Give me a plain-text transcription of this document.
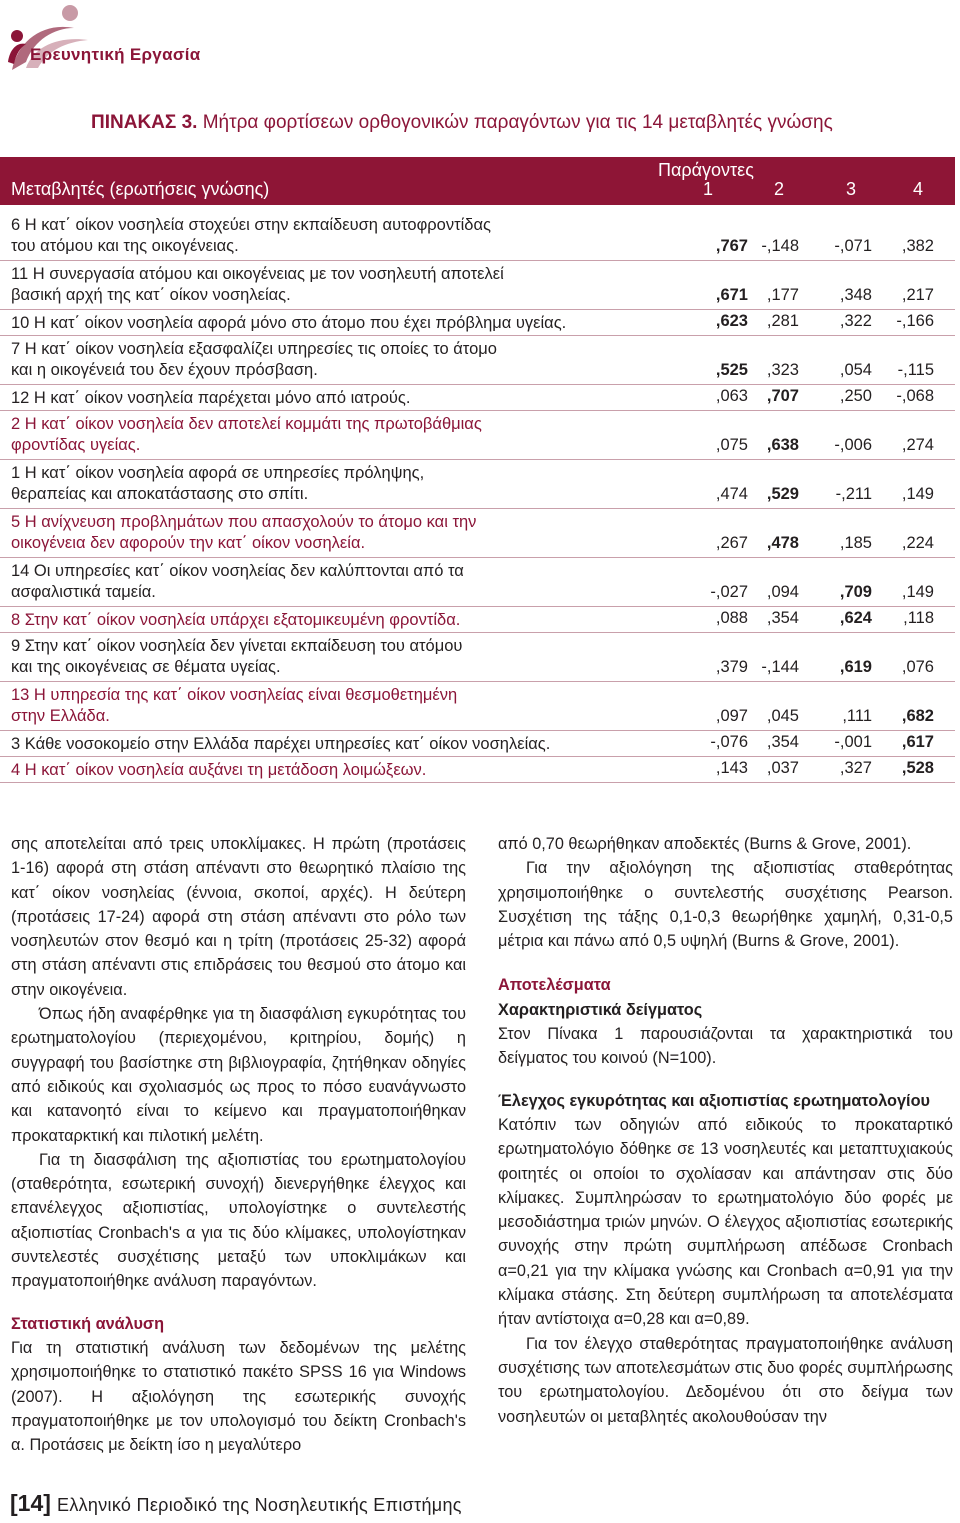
Ερευνητική Εργασία
ΠΙΝΑΚΑΣ 3. Μήτρα φορτίσεων ορθογονικών παραγόντων για τις 14 μεταβλητές γνώσης
Παράγοντες
Μεταβλητές (ερωτήσεις γνώσης)	1	2	3	4
6 Η κατ΄ οίκον νοσηλεία στοχεύει στην εκπαίδευση αυτοφροντίδας
του ατόμου και της οικογένειας.	,767 -,148	-,071	,382
11 Η συνεργασία ατόμου και οικογένειας με τον νοσηλευτή αποτελεί
βασική αρχή της κατ΄ οίκον νοσηλείας.	,671	,177	,348	,217
10 Η κατ΄ οίκον νοσηλεία αφορά μόνο στο άτομο που έχει πρόβλημα υγείας.	,623	,281	,322	-,166
7 Η κατ΄ οίκον νοσηλεία εξασφαλίζει υπηρεσίες τις οποίες το άτομο
και η οικογένειά του δεν έχουν πρόσβαση.	,525	,323	,054	-,115
12 Η κατ΄ οίκον νοσηλεία παρέχεται μόνο από ιατρούς.	,063	,707	,250	-,068
2 Η κατ΄ οίκον νοσηλεία δεν αποτελεί κομμάτι της πρωτοβάθμιας
φροντίδας υγείας.	,075	,638	-,006	,274
1 Η κατ΄ οίκον νοσηλεία αφορά σε υπηρεσίες πρόληψης,
θεραπείας και αποκατάστασης στο σπίτι.	,474	,529	-,211	,149
5 Η ανίχνευση προβλημάτων που απασχολούν το άτομο και την
οικογένεια δεν αφορούν την κατ΄ οίκον νοσηλεία.	,267	,478	,185	,224
14 Οι υπηρεσίες κατ΄ οίκον νοσηλείας δεν καλύπτονται από τα
ασφαλιστικά ταμεία.	-,027	,094	,709	,149
8 Στην κατ΄ οίκον νοσηλεία υπάρχει εξατομικευμένη φροντίδα.	,088	,354	,624	,118
9 Στην κατ΄ οίκον νοσηλεία δεν γίνεται εκπαίδευση του ατόμου
και της οικογένειας σε θέματα υγείας.	,379 -,144	,619	,076
13 Η υπηρεσία της κατ΄ οίκον νοσηλείας είναι θεσμοθετημένη
στην Ελλάδα.	,097	,045	,111	,682
3 Κάθε νοσοκομείο στην Ελλάδα παρέχει υπηρεσίες κατ΄ οίκον νοσηλείας.	-,076	,354	-,001	,617
4 Η κατ΄ οίκον νοσηλεία αυξάνει τη μετάδοση λοιμώξεων.	,143	,037	,327	,528

σης αποτελείται από τρεις υποκλίμακες. Η πρώτη (προτάσεις 1-16) αφορά στη στάση απέναντι στο θεωρητικό πλαίσιο της κατ΄ οίκον νοσηλείας (έννοια, σκοποί, αρχές). Η δεύτερη (προτάσεις 17-24) αφορά στη στάση απέναντι στο ρόλο των νοσηλευτών στον θεσμό και η τρίτη (προτάσεις 25-32) αφορά στη στάση απέναντι στις επιδράσεις του θεσμού στο άτομο και στην οικογένεια.

Όπως ήδη αναφέρθηκε για τη διασφάλιση εγκυρότητας του ερωτηματολογίου (περιεχομένου, κριτηρίου, δομής) η συγγραφή του βασίστηκε στη βιβλιογραφία, ζητήθηκαν οδηγίες από ειδικούς και σχολιασμός ως προς το πόσο ευανάγνωστο και κατανοητό είναι το κείμενο και πραγματοποιήθηκαν προκαταρκτική και πιλοτική μελέτη.

Για τη διασφάλιση της αξιοπιστίας του ερωτηματολογίου (σταθερότητα, εσωτερική συνοχή) διενεργήθηκε έλεγχος και επανέλεγχος αξιοπιστίας, υπολογίστηκε ο συντελεστής αξιοπιστίας Cronbach's α για τις δύο κλίμακες, υπολογίστηκαν συντελεστές συσχέτισης μεταξύ των υποκλιμάκων και πραγματοποιήθηκε ανάλυση παραγόντων.

Στατιστική ανάλυση

Για τη στατιστική ανάλυση των δεδομένων της μελέτης χρησιμοποιήθηκε το στατιστικό πακέτο SPSS 16 για Windows (2007). Η αξιολόγηση της εσωτερικής συνοχής πραγματοποιήθηκε με τον υπολογισμό του δείκτη Cronbach's α. Προτάσεις με δείκτη ίσο η μεγαλύτερο

από 0,70 θεωρήθηκαν αποδεκτές (Burns & Grove, 2001).

Για την αξιολόγηση της αξιοπιστίας σταθερότητας χρησιμοποιήθηκε ο συντελεστής συσχέτισης Pearson. Συσχέτιση της τάξης 0,1-0,3 θεωρήθηκε χαμηλή, 0,31-0,5 μέτρια και πάνω από 0,5 υψηλή (Burns & Grove, 2001).

Αποτελέσματα

Χαρακτηριστικά δείγματος

Στον Πίνακα 1 παρουσιάζονται τα χαρακτηριστικά του δείγματος του κοινού (Ν=100).

Έλεγχος εγκυρότητας και αξιοπιστίας ερωτηματολογίου

Κατόπιν των οδηγιών από ειδικούς το προκαταρτικό ερωτηματολόγιο δόθηκε σε 13 νοσηλευτές και μεταπτυχιακούς φοιτητές οι οποίοι το σχολίασαν και απάντησαν στις δύο κλίμακες. Συμπληρώσαν το ερωτηματολόγιο δύο φορές με μεσοδιάστημα τριών μηνών. Ο έλεγχος αξιοπιστίας εσωτερικής συνοχής στην πρώτη συμπλήρωση απέδωσε Cronbach α=0,21 για την κλίμακα γνώσης και Cronbach α=0,91 για την κλίμακα στάσης. Στη δεύτερη συμπλήρωση τα αποτελέσματα ήταν αντίστοιχα α=0,28 και α=0,89.

Για τον έλεγχο σταθερότητας πραγματοποιήθηκε ανάλυση συσχέτισης των αποτελεσμάτων στις δυο φορές συμπλήρωσης του ερωτηματολογίου. Δεδομένου ότι στο δείγμα των νοσηλευτών οι μεταβλητές ακολουθούσαν την

[14] Ελληνικό Περιοδικό της Νοσηλευτικής Επιστήμης
